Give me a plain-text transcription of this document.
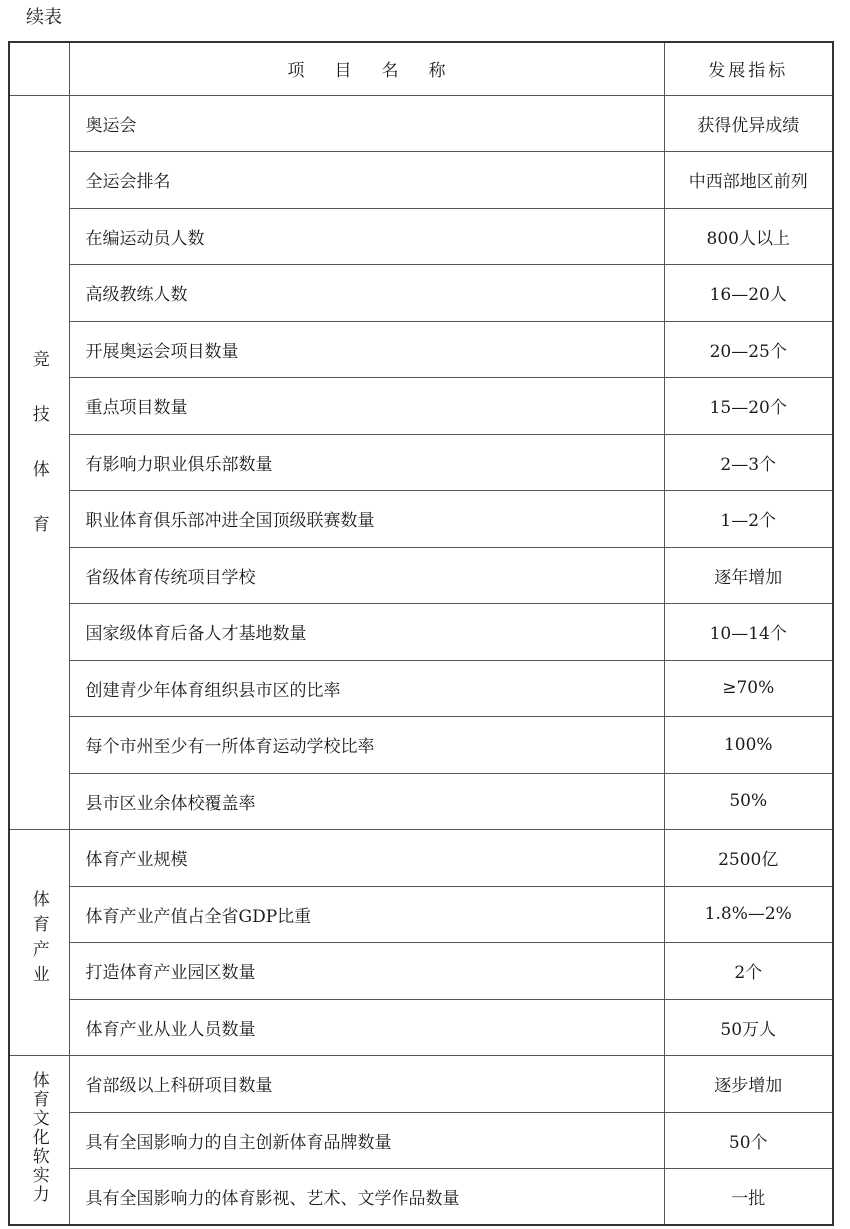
续表
	项目名称	发展指标
竞技体育	奥运会	获得优异成绩
	全运会排名	中西部地区前列
	在编运动员人数	800人以上
	高级教练人数	16—20人
	开展奥运会项目数量	20—25个
	重点项目数量	15—20个
	有影响力职业俱乐部数量	2—3个
	职业体育俱乐部冲进全国顶级联赛数量	1—2个
	省级体育传统项目学校	逐年增加
	国家级体育后备人才基地数量	10—14个
	创建青少年体育组织县市区的比率	≥70%
	每个市州至少有一所体育运动学校比率	100%
	县市区业余体校覆盖率	50%
体育产业	体育产业规模	2500亿
	体育产业产值占全省GDP比重	1.8%—2%
	打造体育产业园区数量	2个
	体育产业从业人员数量	50万人
体育文化软实力	省部级以上科研项目数量	逐步增加
	具有全国影响力的自主创新体育品牌数量	50个
	具有全国影响力的体育影视、艺术、文学作品数量	一批
